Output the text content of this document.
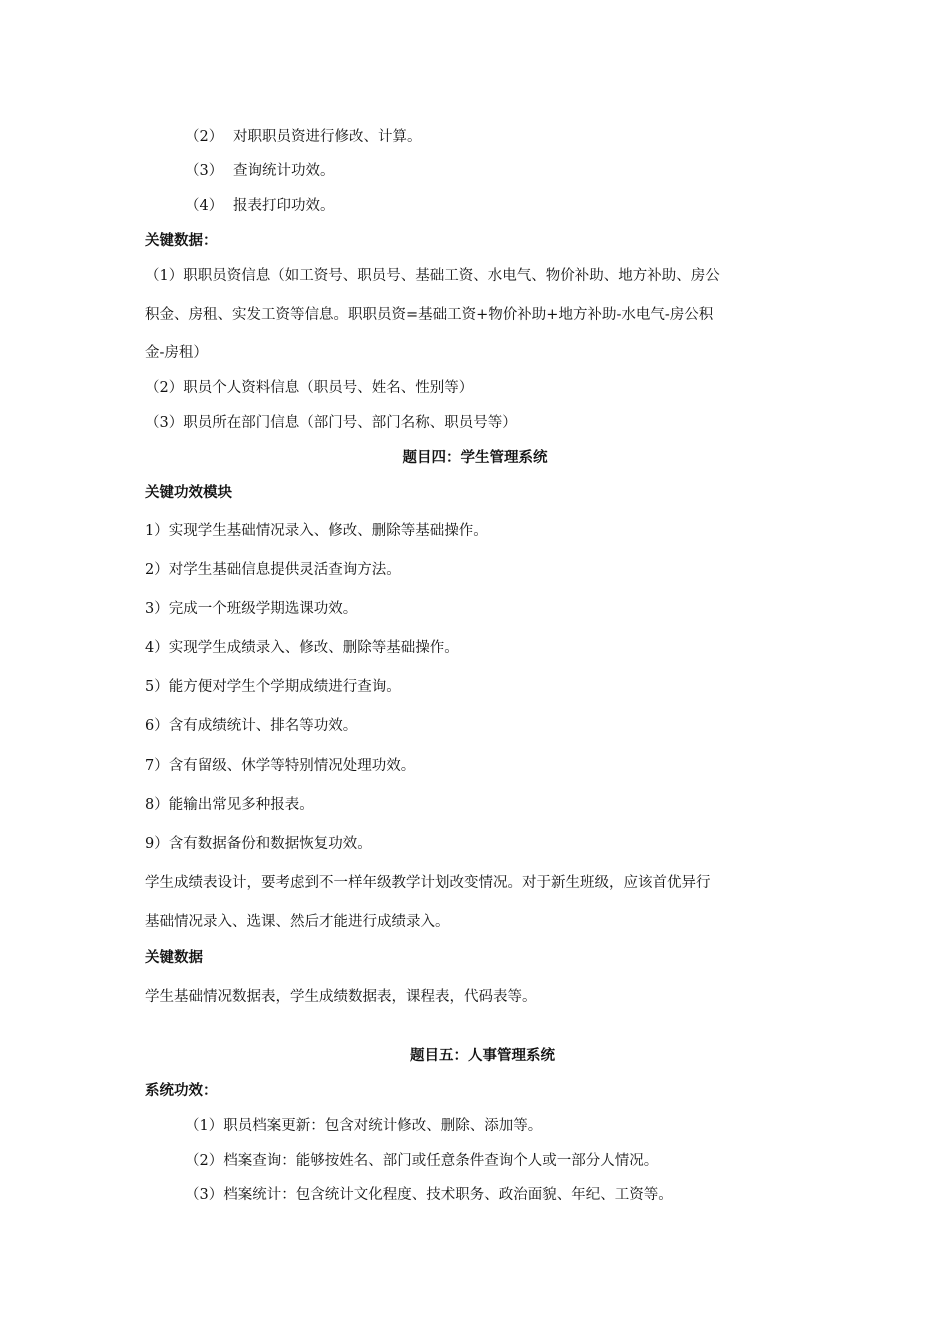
（2） 对职职员资进行修改、计算。
（3） 查询统计功效。
（4） 报表打印功效。
关键数据：
（1）职职员资信息（如工资号、职员号、基础工资、水电气、物价补助、地方补助、房公
积金、房租、实发工资等信息。职职员资=基础工资+物价补助+地方补助-水电气-房公积
金-房租）
（2）职员个人资料信息（职员号、姓名、性别等）
（3）职员所在部门信息（部门号、部门名称、职员号等）
题目四：学生管理系统
关键功效模块
1）实现学生基础情况录入、修改、删除等基础操作。
2）对学生基础信息提供灵活查询方法。
3）完成一个班级学期选课功效。
4）实现学生成绩录入、修改、删除等基础操作。
5）能方便对学生个学期成绩进行查询。
6）含有成绩统计、排名等功效。
7）含有留级、休学等特别情况处理功效。
8）能输出常见多种报表。
9）含有数据备份和数据恢复功效。
学生成绩表设计，要考虑到不一样年级教学计划改变情况。对于新生班级，应该首优异行
基础情况录入、选课、然后才能进行成绩录入。
关键数据
学生基础情况数据表，学生成绩数据表，课程表，代码表等。
题目五：人事管理系统
系统功效：
（1）职员档案更新：包含对统计修改、删除、添加等。
（2）档案查询：能够按姓名、部门或任意条件查询个人或一部分人情况。
（3）档案统计：包含统计文化程度、技术职务、政治面貌、年纪、工资等。
